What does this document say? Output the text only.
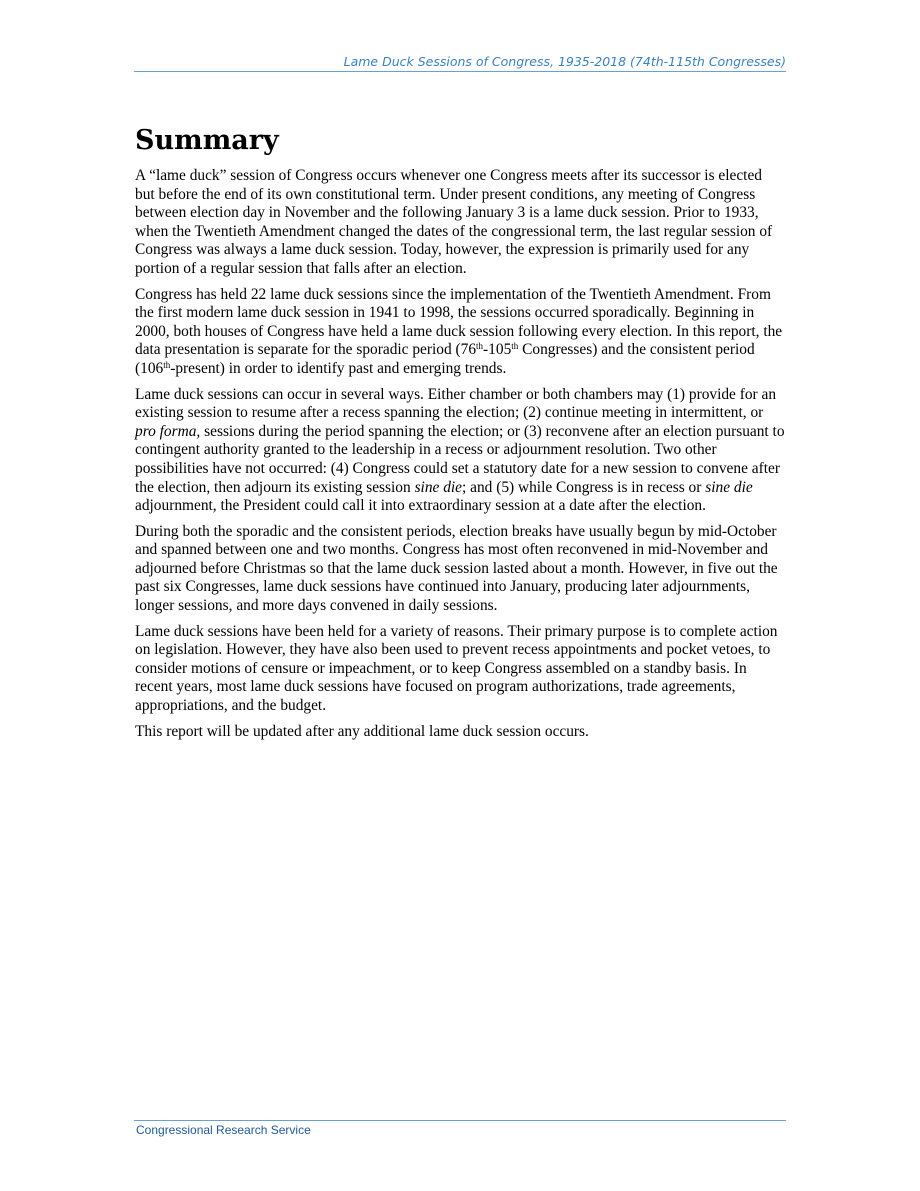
Lame Duck Sessions of Congress, 1935-2018 (74th-115th Congresses)
Summary

A “lame duck” session of Congress occurs whenever one Congress meets after its successor is elected but before the end of its own constitutional term. Under present conditions, any meeting of Congress between election day in November and the following January 3 is a lame duck session. Prior to 1933, when the Twentieth Amendment changed the dates of the congressional term, the last regular session of Congress was always a lame duck session. Today, however, the expression is primarily used for any portion of a regular session that falls after an election.

Congress has held 22 lame duck sessions since the implementation of the Twentieth Amendment. From the first modern lame duck session in 1941 to 1998, the sessions occurred sporadically. Beginning in 2000, both houses of Congress have held a lame duck session following every election. In this report, the data presentation is separate for the sporadic period (76th-105th Congresses) and the consistent period (106th-present) in order to identify past and emerging trends.

Lame duck sessions can occur in several ways. Either chamber or both chambers may (1) provide for an existing session to resume after a recess spanning the election; (2) continue meeting in intermittent, or pro forma, sessions during the period spanning the election; or (3) reconvene after an election pursuant to contingent authority granted to the leadership in a recess or adjournment resolution. Two other possibilities have not occurred: (4) Congress could set a statutory date for a new session to convene after the election, then adjourn its existing session sine die; and (5) while Congress is in recess or sine die adjournment, the President could call it into extraordinary session at a date after the election.

During both the sporadic and the consistent periods, election breaks have usually begun by mid-October and spanned between one and two months. Congress has most often reconvened in mid-November and adjourned before Christmas so that the lame duck session lasted about a month. However, in five out the past six Congresses, lame duck sessions have continued into January, producing later adjournments, longer sessions, and more days convened in daily sessions.

Lame duck sessions have been held for a variety of reasons. Their primary purpose is to complete action on legislation. However, they have also been used to prevent recess appointments and pocket vetoes, to consider motions of censure or impeachment, or to keep Congress assembled on a standby basis. In recent years, most lame duck sessions have focused on program authorizations, trade agreements, appropriations, and the budget.

This report will be updated after any additional lame duck session occurs.

Congressional Research Service
